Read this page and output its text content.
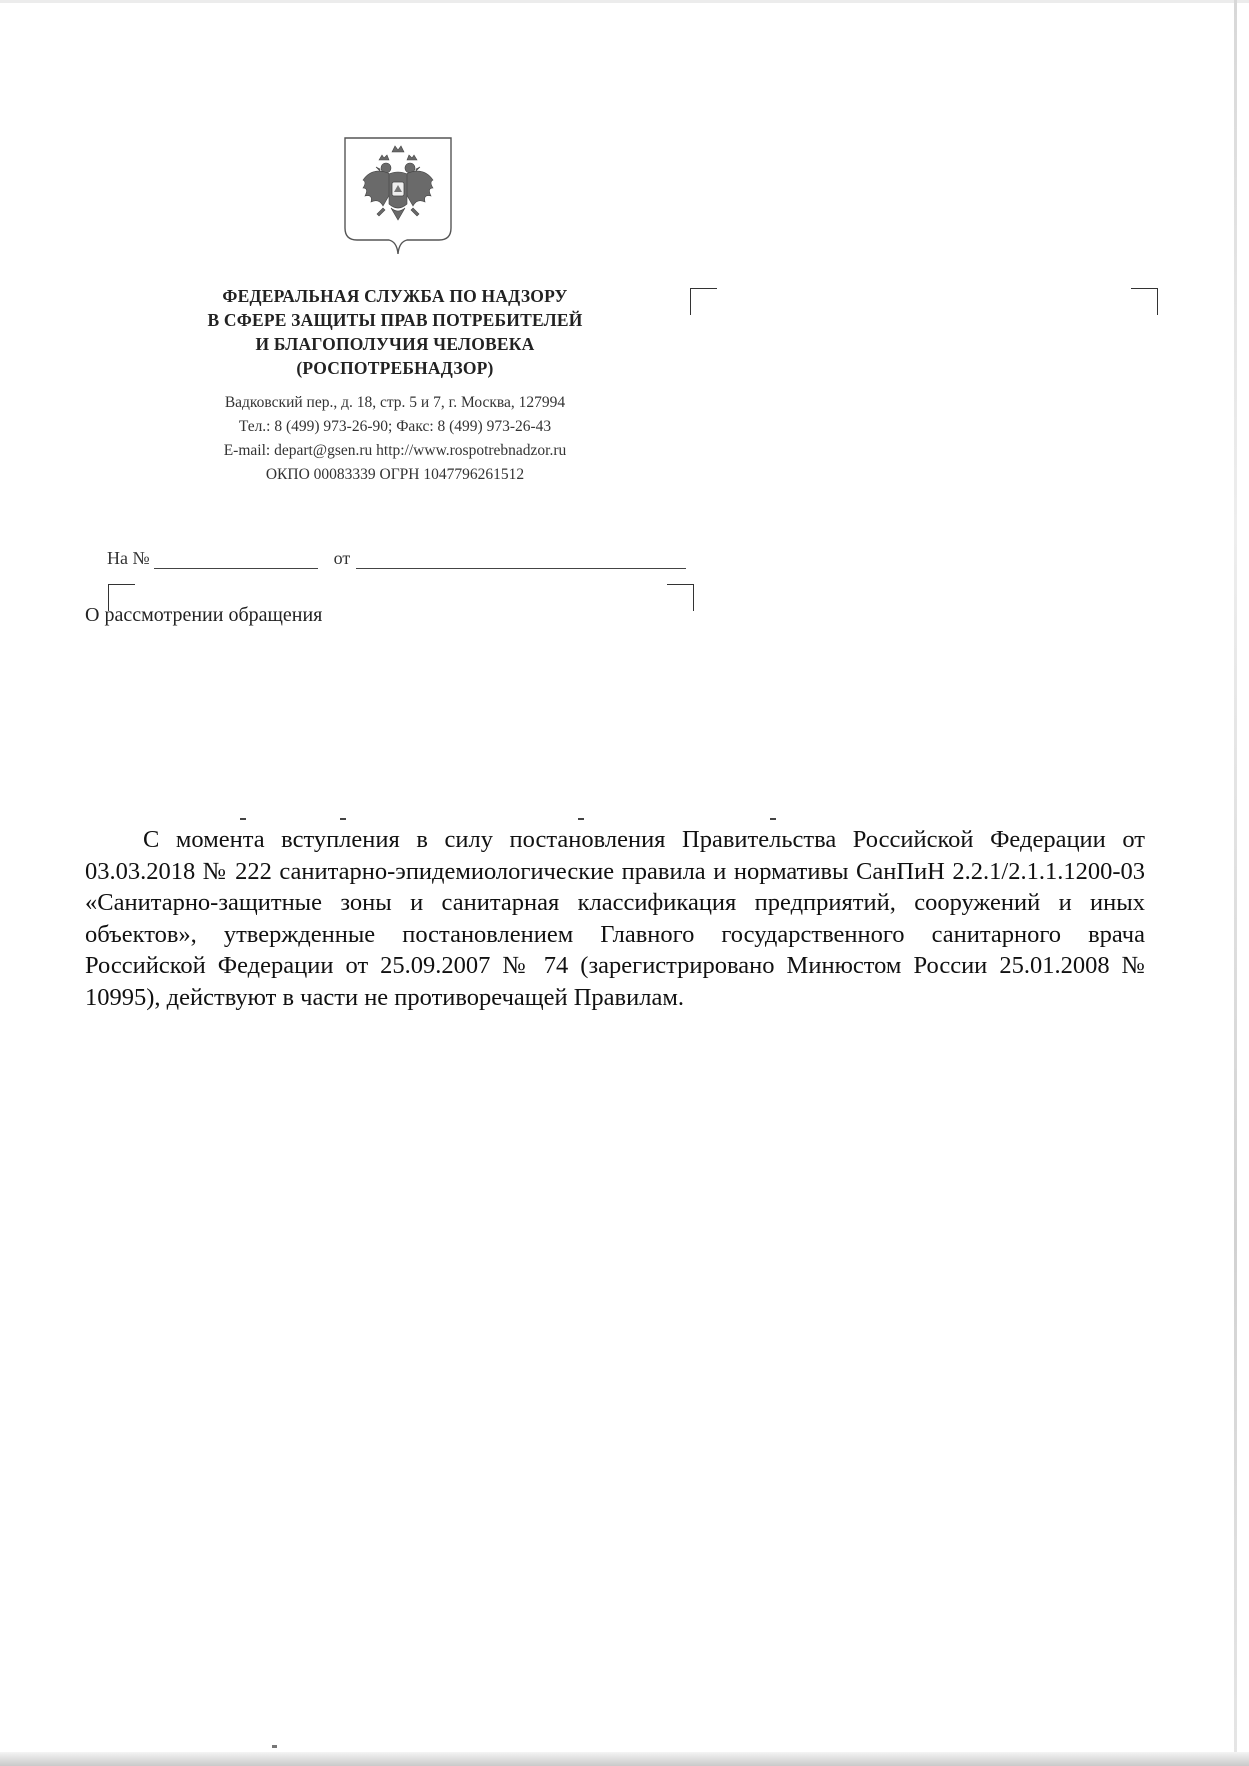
ФЕДЕРАЛЬНАЯ СЛУЖБА ПО НАДЗОРУ
В СФЕРЕ ЗАЩИТЫ ПРАВ ПОТРЕБИТЕЛЕЙ
И БЛАГОПОЛУЧИЯ ЧЕЛОВЕКА
(РОСПОТРЕБНАДЗОР)
Вадковский пер., д. 18, стр. 5 и 7, г. Москва, 127994
Тел.: 8 (499) 973-26-90; Факс: 8 (499) 973-26-43
E-mail: depart@gsen.ru http://www.rospotrebnadzor.ru
ОКПО 00083339 ОГРН 1047796261512
На №	от
О рассмотрении обращения

С момента вступления в силу постановления Правительства Российской Федерации от 03.03.2018 № 222 санитарно-эпидемиологические правила и нормативы СанПиН 2.2.1/2.1.1.1200-03 «Санитарно-защитные зоны и санитарная классификация предприятий, сооружений и иных объектов», утвержденные постановлением Главного государственного санитарного врача Российской Федерации от 25.09.2007 № 74 (зарегистрировано Минюстом России 25.01.2008 № 10995), действуют в части не противоречащей Правилам.
